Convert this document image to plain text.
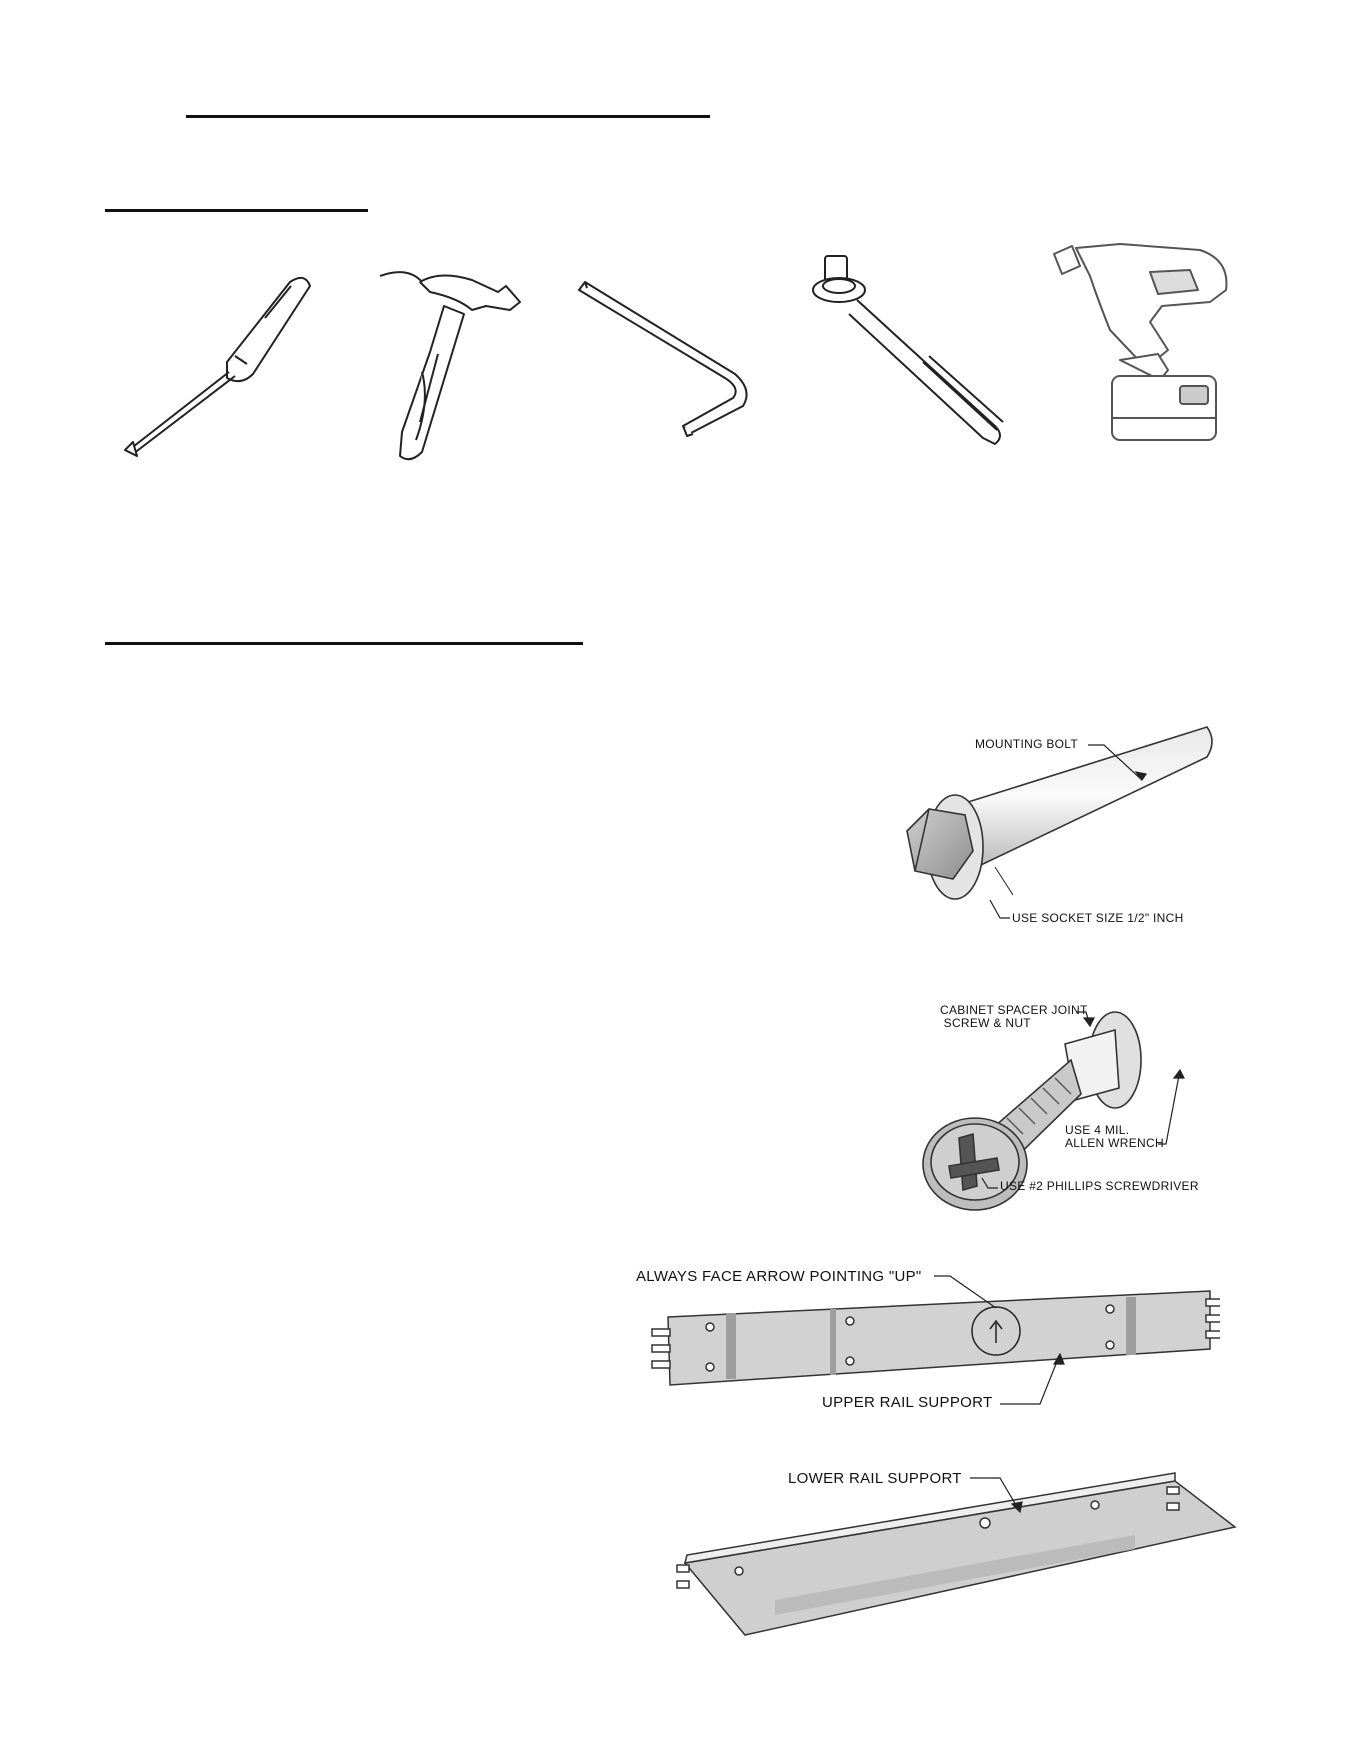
MOUNTING BOLT
USE SOCKET SIZE 1/2" INCH
CABINET SPACER JOINT
SCREW & NUT
USE 4 MIL.
ALLEN WRENCH
USE #2 PHILLIPS SCREWDRIVER
ALWAYS FACE ARROW POINTING "UP"
UPPER RAIL SUPPORT
LOWER RAIL SUPPORT
